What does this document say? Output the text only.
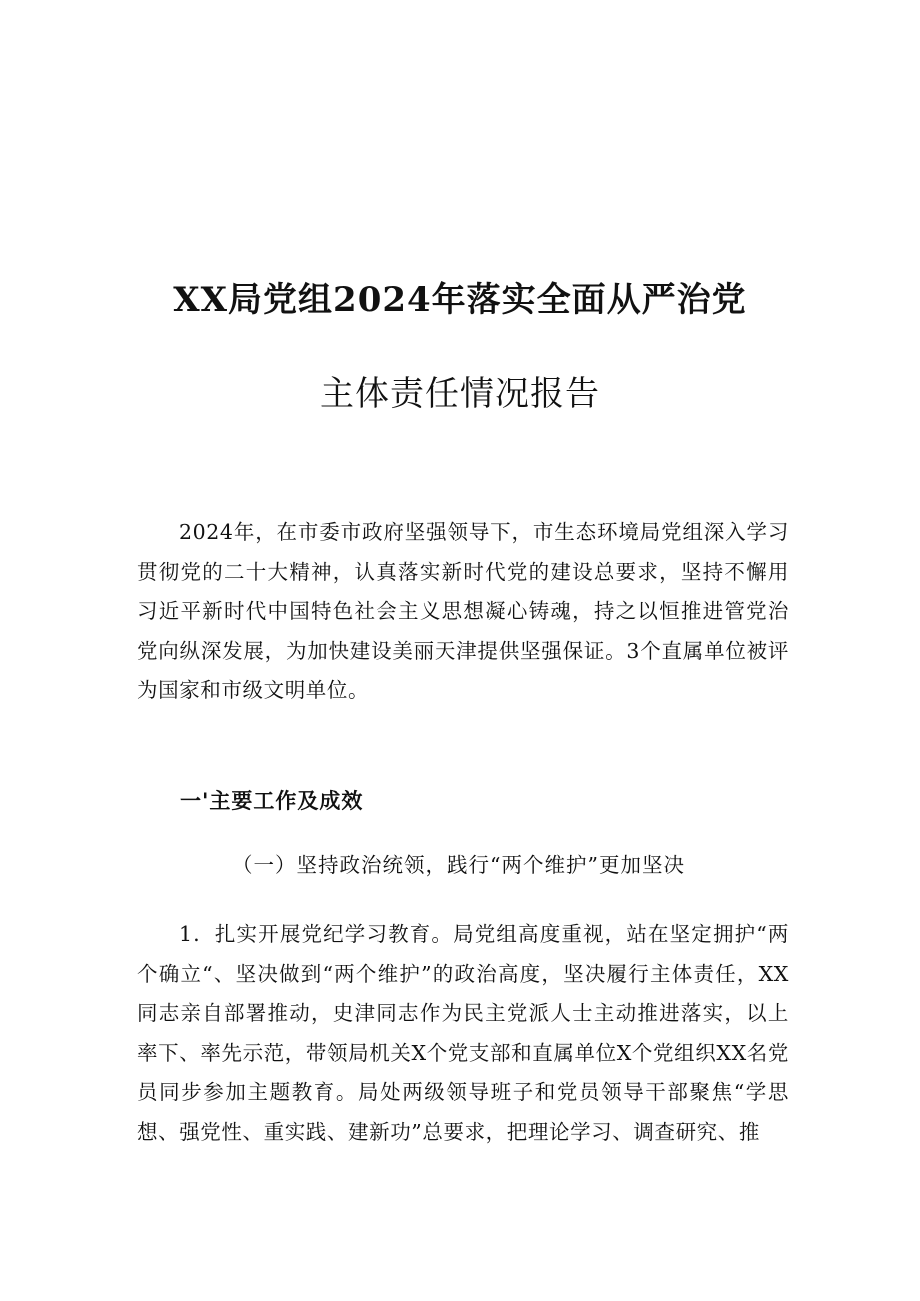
XX局党组2024年落实全面从严治党
主体责任情况报告
2024年，在市委市政府坚强领导下，市生态环境局党组深入学习贯彻党的二十大精神，认真落实新时代党的建设总要求，坚持不懈用习近平新时代中国特色社会主义思想凝心铸魂，持之以恒推进管党治党向纵深发展，为加快建设美丽天津提供坚强保证。3个直属单位被评为国家和市级文明单位。
一'主要工作及成效
（一）坚持政治统领，践行“两个维护”更加坚决
1．扎实开展党纪学习教育。局党组高度重视，站在坚定拥护“两个确立“、坚决做到“两个维护”的政治高度，坚决履行主体责任，XX同志亲自部署推动，史津同志作为民主党派人士主动推进落实，以上率下、率先示范，带领局机关X个党支部和直属单位X个党组织XX名党员同步参加主题教育。局处两级领导班子和党员领导干部聚焦“学思想、强党性、重实践、建新功”总要求，把理论学习、调查研究、推
